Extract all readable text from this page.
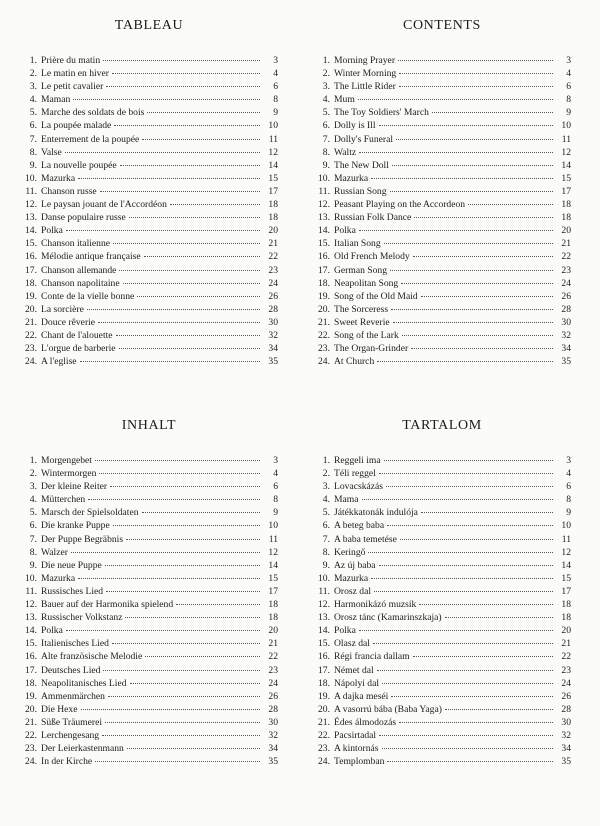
TABLEAU
1. Prière du matin	3
2. Le matin en hiver	4
3. Le petit cavalier	6
4. Maman	8
5. Marche des soldats de bois	9
6. La poupée malade	10
7. Enterrement de la poupée	11
8. Valse	12
9. La nouvelle poupée	14
10. Mazurka	15
11. Chanson russe	17
12. Le paysan jouant de l'Accordéon	18
13. Danse populaire russe	18
14. Polka	20
15. Chanson italienne	21
16. Mélodie antique française	22
17. Chanson allemande	23
18. Chanson napolitaine	24
19. Conte de la vielle bonne	26
20. La sorcière	28
21. Douce rêverie	30
22. Chant de l'alouette	32
23. L'orgue de barberie	34
24. A l'eglise	35
CONTENTS
1. Morning Prayer	3
2. Winter Morning	4
3. The Little Rider	6
4. Mum	8
5. The Toy Soldiers' March	9
6. Dolly is Ill	10
7. Dolly's Funeral	11
8. Waltz	12
9. The New Doll	14
10. Mazurka	15
11. Russian Song	17
12. Peasant Playing on the Accordeon	18
13. Russian Folk Dance	18
14. Polka	20
15. Italian Song	21
16. Old French Melody	22
17. German Song	23
18. Neapolitan Song	24
19. Song of the Old Maid	26
20. The Sorceress	28
21. Sweet Reverie	30
22. Song of the Lark	32
23. The Organ-Grinder	34
24. At Church	35
INHALT
1. Morgengebet	3
2. Wintermorgen	4
3. Der kleine Reiter	6
4. Mütterchen	8
5. Marsch der Spielsoldaten	9
6. Die kranke Puppe	10
7. Der Puppe Begräbnis	11
8. Walzer	12
9. Die neue Puppe	14
10. Mazurka	15
11. Russisches Lied	17
12. Bauer auf der Harmonika spielend	18
13. Russischer Volkstanz	18
14. Polka	20
15. Italienisches Lied	21
16. Alte französische Melodie	22
17. Deutsches Lied	23
18. Neapolitanisches Lied	24
19. Ammenmärchen	26
20. Die Hexe	28
21. Süße Träumerei	30
22. Lerchengesang	32
23. Der Leierkastenmann	34
24. In der Kirche	35
TARTALOM
1. Reggeli ima	3
2. Téli reggel	4
3. Lovacskázás	6
4. Mama	8
5. Játékkatonák indulója	9
6. A beteg baba	10
7. A baba temetése	11
8. Keringő	12
9. Az új baba	14
10. Mazurka	15
11. Orosz dal	17
12. Harmonikázó muzsik	18
13. Orosz tánc (Kamarinszkaja)	18
14. Polka	20
15. Olasz dal	21
16. Régi francia dallam	22
17. Német dal	23
18. Nápolyi dal	24
19. A dajka meséi	26
20. A vasorrú bába (Baba Yaga)	28
21. Édes álmodozás	30
22. Pacsirtadal	32
23. A kintornás	34
24. Templomban	35
